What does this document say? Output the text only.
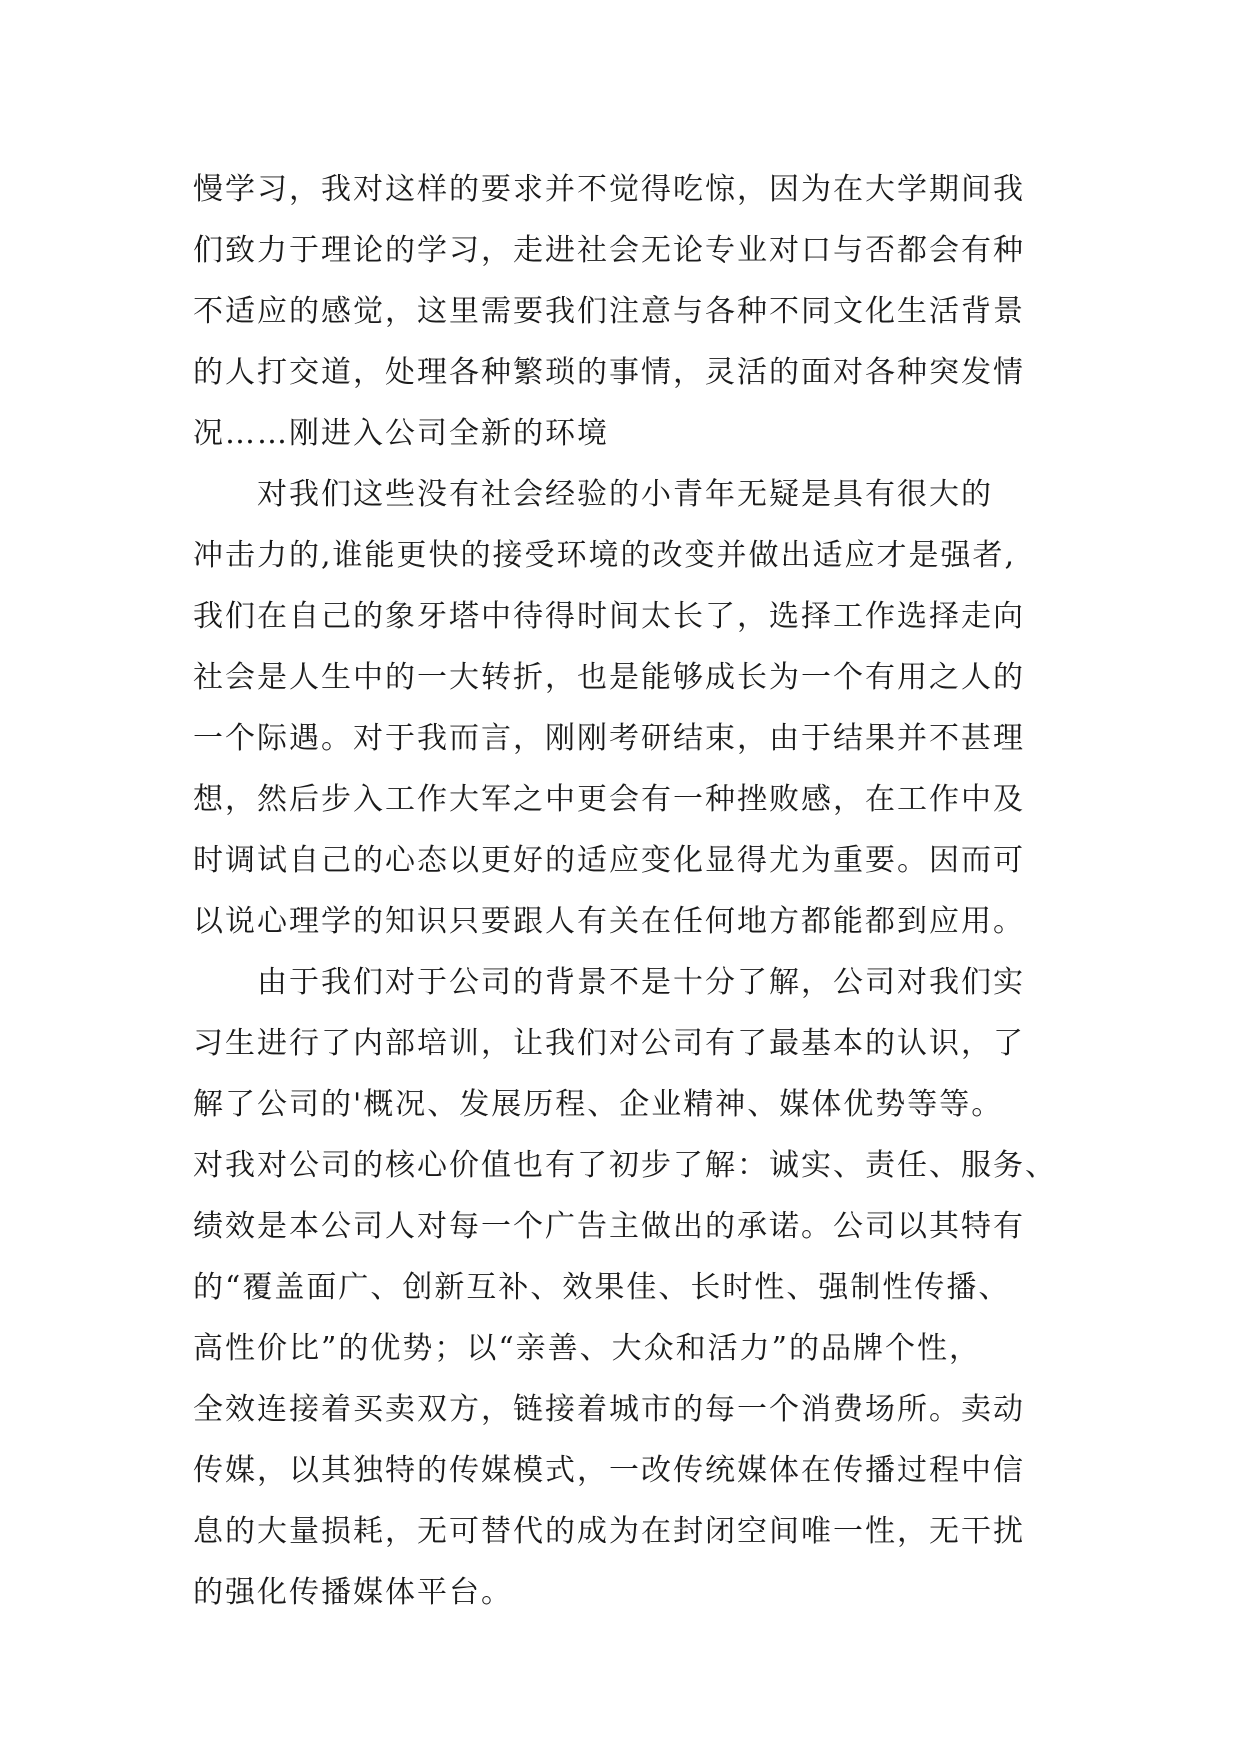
慢学习，我对这样的要求并不觉得吃惊，因为在大学期间我
们致力于理论的学习，走进社会无论专业对口与否都会有种
不适应的感觉，这里需要我们注意与各种不同文化生活背景
的人打交道，处理各种繁琐的事情，灵活的面对各种突发情
况……刚进入公司全新的环境
对我们这些没有社会经验的小青年无疑是具有很大的
冲击力的,谁能更快的接受环境的改变并做出适应才是强者,
我们在自己的象牙塔中待得时间太长了，选择工作选择走向
社会是人生中的一大转折，也是能够成长为一个有用之人的
一个际遇。对于我而言，刚刚考研结束，由于结果并不甚理
想，然后步入工作大军之中更会有一种挫败感，在工作中及
时调试自己的心态以更好的适应变化显得尤为重要。因而可
以说心理学的知识只要跟人有关在任何地方都能都到应用。
由于我们对于公司的背景不是十分了解，公司对我们实
习生进行了内部培训，让我们对公司有了最基本的认识，了
解了公司的'概况、发展历程、企业精神、媒体优势等等。
对我对公司的核心价值也有了初步了解：诚实、责任、服务、
绩效是本公司人对每一个广告主做出的承诺。公司以其特有
的“覆盖面广、创新互补、效果佳、长时性、强制性传播、
高性价比”的优势；以“亲善、大众和活力”的品牌个性，
全效连接着买卖双方，链接着城市的每一个消费场所。卖动
传媒，以其独特的传媒模式，一改传统媒体在传播过程中信
息的大量损耗，无可替代的成为在封闭空间唯一性，无干扰
的强化传播媒体平台。
